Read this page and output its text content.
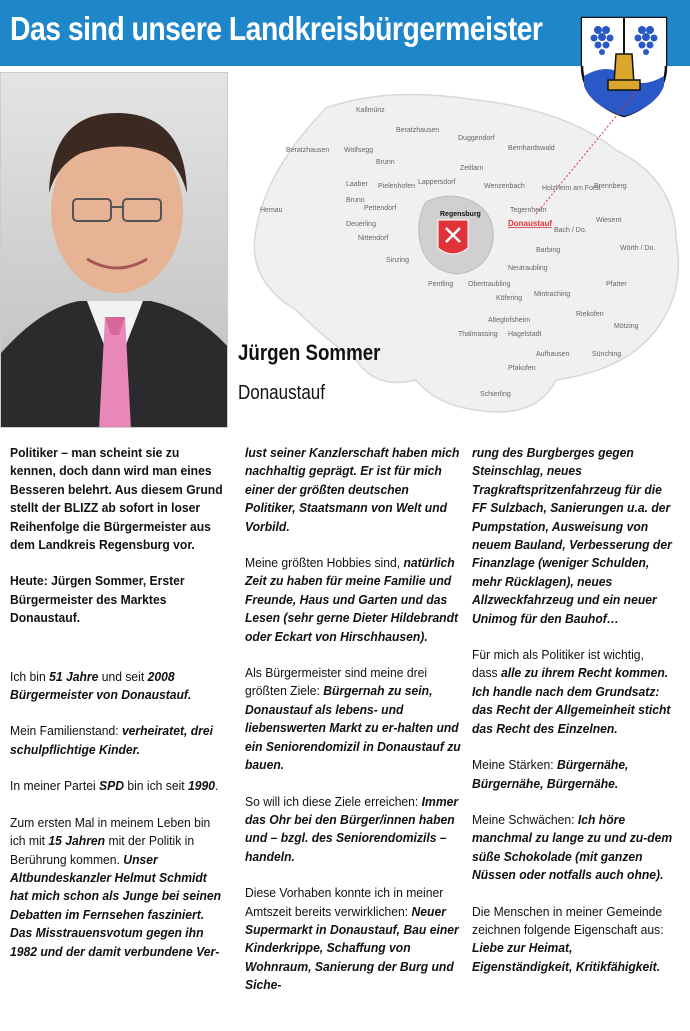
Das sind unsere Landkreisbürgermeister
Kallmünz
Beratzhausen
Duggendorf
Beratzhausen Wolfsegg
Brunn
Zeitlarn
Bernhardswald
Laaber Pielenhofen
Lappersdorf
Wenzenbach Holzheim am Forst
Brennberg
Hemau
Brunn
Pettendorf
Deuerling
Tegernheim
Wiesent
Nittendorf
Regensburg
Donaustauf
Bach / Do.
Barbing	Wörth / Do.
Sinzing
Neutraubling
Pentling Obertraubling
Mintraching
Pfatter
Köfering
Alteglofsheim
Riekofen
Mötzing
Thalmassing Hagelstadt
Aufhausen	Sünching
Pfakofen
Schierling
Jürgen Sommer
Donaustauf

Politiker – man scheint sie zu kennen, doch dann wird man eines Besseren belehrt. Aus diesem Grund stellt der BLIZZ ab sofort in loser Reihenfolge die Bürgermeister aus dem Landkreis Regensburg vor.

Heute: Jürgen Sommer, Erster Bürgermeister des Marktes Donaustauf.

Ich bin 51 Jahre und seit 2008 Bürgermeister von Donaustauf.

Mein Familienstand: verheiratet, drei schulpflichtige Kinder.

In meiner Partei SPD bin ich seit 1990.

Zum ersten Mal in meinem Leben bin ich mit 15 Jahren mit der Politik in Berührung kommen. Unser Altbundeskanzler Helmut Schmidt hat mich schon als Junge bei seinen Debatten im Fernsehen fasziniert. Das Misstrauensvotum gegen ihn 1982 und der damit verbundene Ver-

lust seiner Kanzlerschaft haben mich nachhaltig geprägt. Er ist für mich einer der größten deutschen Politiker, Staatsmann von Welt und Vorbild.

Meine größten Hobbies sind, natürlich Zeit zu haben für meine Familie und Freunde, Haus und Garten und das Lesen (sehr gerne Dieter Hildebrandt oder Eckart von Hirschhausen).

Als Bürgermeister sind meine drei größten Ziele: Bürgernah zu sein, Donaustauf als lebens- und liebenswerten Markt zu er-halten und ein Seniorendomizil in Donaustauf zu bauen.

So will ich diese Ziele erreichen: Immer das Ohr bei den Bürger/innen haben und – bzgl. des Seniorendomizils – handeln.

Diese Vorhaben konnte ich in meiner Amtszeit bereits verwirklichen: Neuer Supermarkt in Donaustauf, Bau einer Kinderkrippe, Schaffung von Wohnraum, Sanierung der Burg und Siche-

rung des Burgberges gegen Steinschlag, neues Tragkraftspritzenfahrzeug für die FF Sulzbach, Sanierungen u.a. der Pumpstation, Ausweisung von neuem Bauland, Verbesserung der Finanzlage (weniger Schulden, mehr Rücklagen), neues Allzweckfahrzeug und ein neuer Unimog für den Bauhof…

Für mich als Politiker ist wichtig, dass alle zu ihrem Recht kommen. Ich handle nach dem Grundsatz: das Recht der Allgemeinheit sticht das Recht des Einzelnen.

Meine Stärken: Bürgernähe, Bürgernähe, Bürgernähe.

Meine Schwächen: Ich höre manchmal zu lange zu und zu-dem süße Schokolade (mit ganzen Nüssen oder notfalls auch ohne).

Die Menschen in meiner Gemeinde zeichnen folgende Eigenschaft aus: Liebe zur Heimat, Eigenständigkeit, Kritikfähigkeit.
